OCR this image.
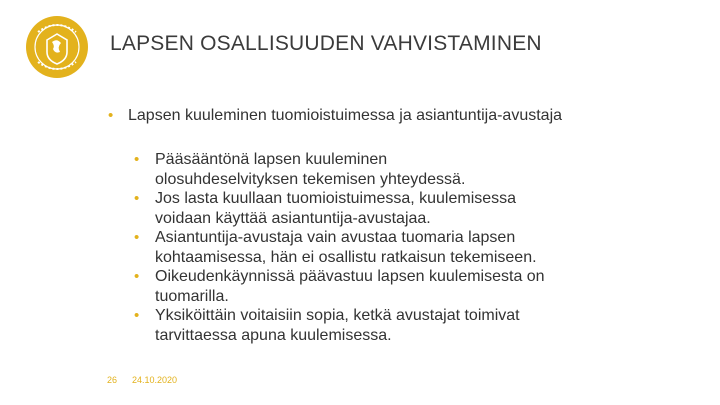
LAPSEN OSALLISUUDEN VAHVISTAMINEN
• Lapsen kuuleminen tuomioistuimessa ja asiantuntija-avustaja
• Pääsääntönä lapsen kuuleminen
olosuhdeselvityksen tekemisen yhteydessä.
• Jos lasta kuullaan tuomioistuimessa, kuulemisessa
voidaan käyttää asiantuntija-avustajaa.
• Asiantuntija-avustaja vain avustaa tuomaria lapsen
kohtaamisessa, hän ei osallistu ratkaisun tekemiseen.
• Oikeudenkäynnissä päävastuu lapsen kuulemisesta on
tuomarilla.
• Yksiköittäin voitaisiin sopia, ketkä avustajat toimivat
tarvittaessa apuna kuulemisessa.
26 24.10.2020
